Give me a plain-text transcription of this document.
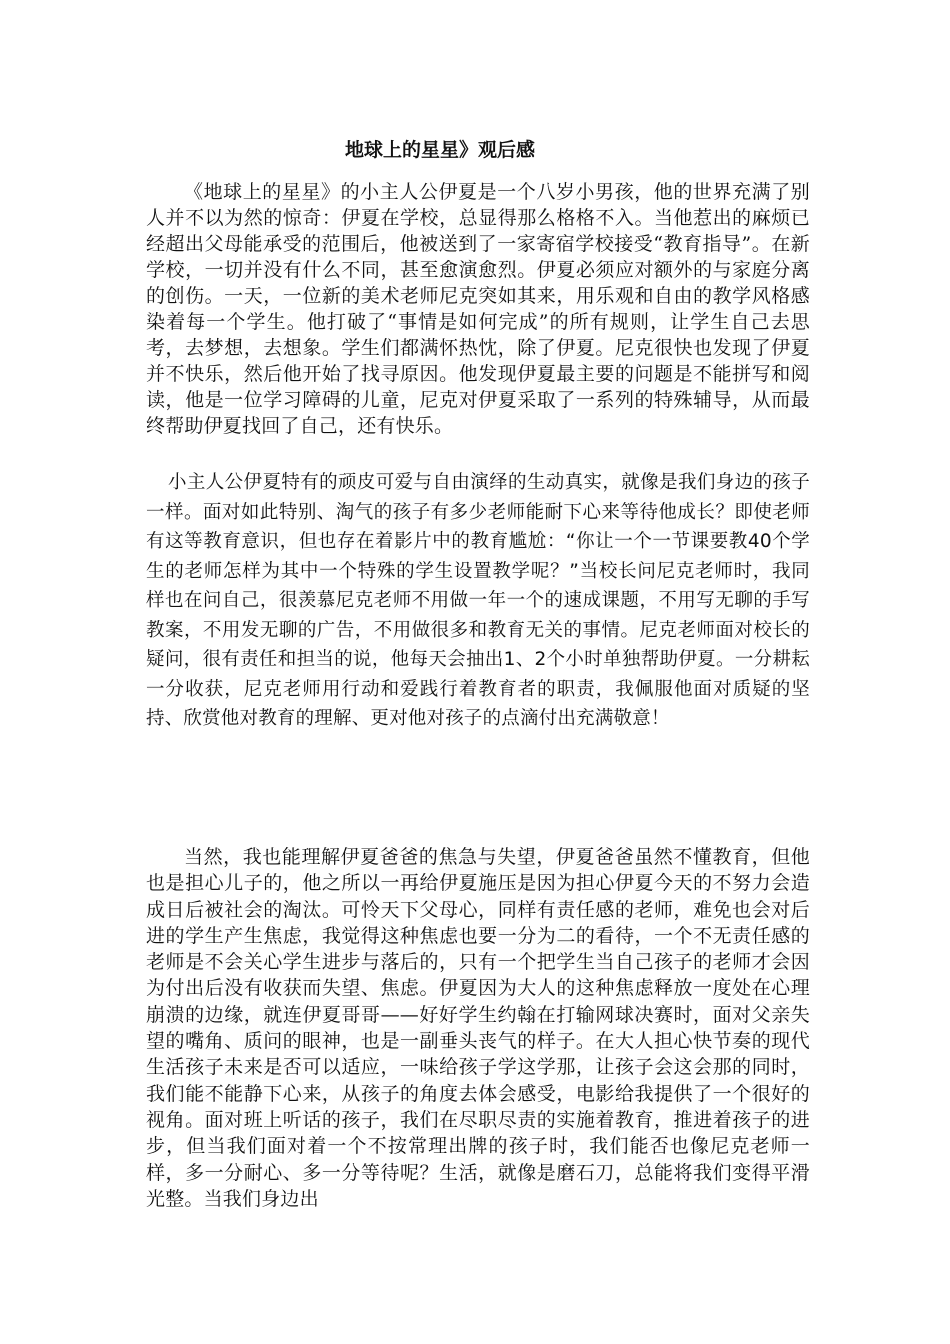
地球上的星星》观后感

《地球上的星星》的小主人公伊夏是一个八岁小男孩，他的世界充满了别人并不以为然的惊奇：伊夏在学校，总显得那么格格不入。当他惹出的麻烦已经超出父母能承受的范围后，他被送到了一家寄宿学校接受“教育指导”。在新学校，一切并没有什么不同，甚至愈演愈烈。伊夏必须应对额外的与家庭分离的创伤。一天，一位新的美术老师尼克突如其来，用乐观和自由的教学风格感染着每一个学生。他打破了“事情是如何完成”的所有规则，让学生自己去思考，去梦想，去想象。学生们都满怀热忱，除了伊夏。尼克很快也发现了伊夏并不快乐，然后他开始了找寻原因。他发现伊夏最主要的问题是不能拼写和阅读，他是一位学习障碍的儿童，尼克对伊夏采取了一系列的特殊辅导，从而最终帮助伊夏找回了自己，还有快乐。

小主人公伊夏特有的顽皮可爱与自由演绎的生动真实，就像是我们身边的孩子一样。面对如此特别、淘气的孩子有多少老师能耐下心来等待他成长？即使老师有这等教育意识，但也存在着影片中的教育尴尬：“你让一个一节课要教40个学生的老师怎样为其中一个特殊的学生设置教学呢？”当校长问尼克老师时，我同样也在问自己，很羡慕尼克老师不用做一年一个的速成课题，不用写无聊的手写教案，不用发无聊的广告，不用做很多和教育无关的事情。尼克老师面对校长的疑问，很有责任和担当的说，他每天会抽出1、2个小时单独帮助伊夏。一分耕耘一分收获，尼克老师用行动和爱践行着教育者的职责，我佩服他面对质疑的坚持、欣赏他对教育的理解、更对他对孩子的点滴付出充满敬意！

当然，我也能理解伊夏爸爸的焦急与失望，伊夏爸爸虽然不懂教育，但他也是担心儿子的，他之所以一再给伊夏施压是因为担心伊夏今天的不努力会造成日后被社会的淘汰。可怜天下父母心，同样有责任感的老师，难免也会对后进的学生产生焦虑，我觉得这种焦虑也要一分为二的看待，一个不无责任感的老师是不会关心学生进步与落后的，只有一个把学生当自己孩子的老师才会因为付出后没有收获而失望、焦虑。伊夏因为大人的这种焦虑释放一度处在心理崩溃的边缘，就连伊夏哥哥——好好学生约翰在打输网球决赛时，面对父亲失望的嘴角、质问的眼神，也是一副垂头丧气的样子。在大人担心快节奏的现代生活孩子未来是否可以适应，一味给孩子学这学那，让孩子会这会那的同时，我们能不能静下心来，从孩子的角度去体会感受，电影给我提供了一个很好的视角。面对班上听话的孩子，我们在尽职尽责的实施着教育，推进着孩子的进步，但当我们面对着一个不按常理出牌的孩子时，我们能否也像尼克老师一样，多一分耐心、多一分等待呢？生活，就像是磨石刀，总能将我们变得平滑光整。当我们身边出
